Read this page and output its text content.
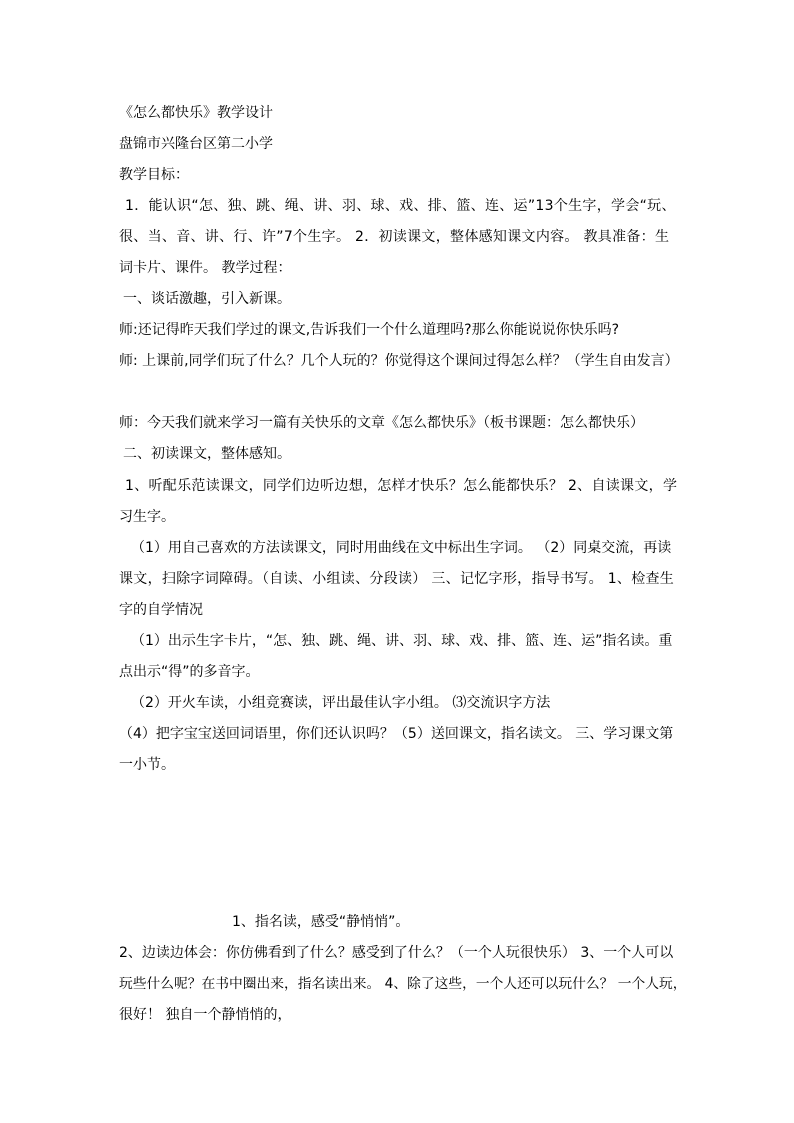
《怎么都快乐》教学设计

盘锦市兴隆台区第二小学

教学目标：

1．能认识“怎、独、跳、绳、讲、羽、球、戏、排、篮、连、运”13个生字，学会“玩、

很、当、音、讲、行、许”7个生字。 2．初读课文，整体感知课文内容。 教具准备：生

词卡片、课件。 教学过程：

一、谈话激趣，引入新课。

师:还记得昨天我们学过的课文,告诉我们一个什么道理吗?那么你能说说你快乐吗?

师: 上课前,同学们玩了什么？几个人玩的？你觉得这个课间过得怎么样？（学生自由发言）

师：今天我们就来学习一篇有关快乐的文章《怎么都快乐》（板书课题：怎么都快乐）

二、初读课文，整体感知。

1、听配乐范读课文，同学们边听边想，怎样才快乐？怎么能都快乐？ 2、自读课文，学

习生字。

（1）用自己喜欢的方法读课文，同时用曲线在文中标出生字词。 （2）同桌交流，再读

课文，扫除字词障碍。（自读、小组读、分段读） 三、记忆字形，指导书写。 1、检查生

字的自学情况

（1）出示生字卡片，“怎、独、跳、绳、讲、羽、球、戏、排、篮、连、运”指名读。重

点出示“得”的多音字。

（2）开火车读，小组竞赛读，评出最佳认字小组。 ⑶交流识字方法

（4）把字宝宝送回词语里，你们还认识吗？（5）送回课文，指名读文。 三、学习课文第

一小节。

1、指名读，感受“静悄悄”。

2、边读边体会：你仿佛看到了什么？感受到了什么？（一个人玩很快乐） 3、一个人可以

玩些什么呢？在书中圈出来，指名读出来。 4、除了这些，一个人还可以玩什么？ 一个人玩，

很好！ 独自一个静悄悄的，
